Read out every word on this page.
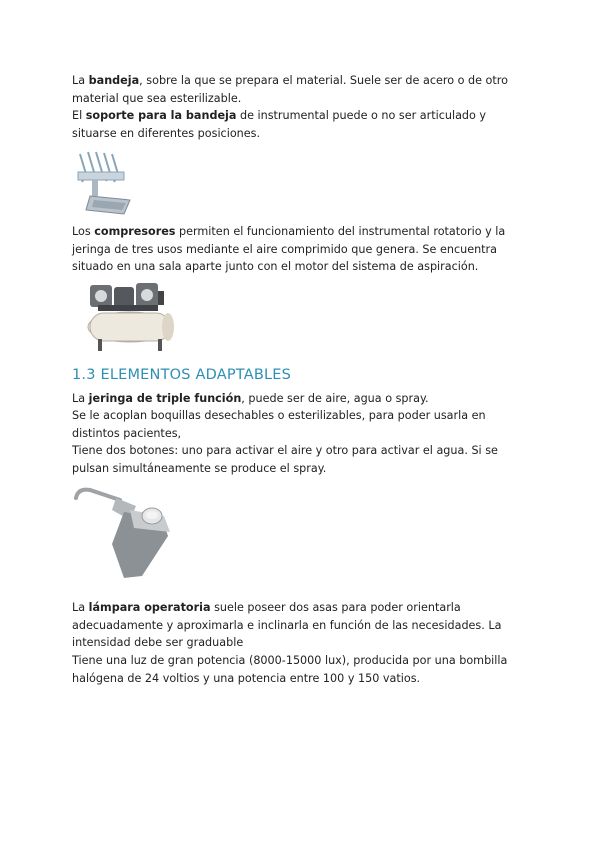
La bandeja, sobre la que se prepara el material. Suele ser de acero o de otro material que sea esterilizable.

El soporte para la bandeja de instrumental puede o no ser articulado y situarse en diferentes posiciones.

Los compresores permiten el funcionamiento del instrumental rotatorio y la jeringa de tres usos mediante el aire comprimido que genera. Se encuentra situado en una sala aparte junto con el motor del sistema de aspiración.

1.3 ELEMENTOS ADAPTABLES

La jeringa de triple función, puede ser de aire, agua o spray.

Se le acoplan boquillas desechables o esterilizables, para poder usarla en distintos pacientes,

Tiene dos botones: uno para activar el aire y otro para activar el agua. Si se pulsan simultáneamente se produce el spray.

La lámpara operatoria suele poseer dos asas para poder orientarla adecuadamente y aproximarla e inclinarla en función de las necesidades. La intensidad debe ser graduable

Tiene una luz de gran potencia (8000-15000 lux), producida por una bombilla halógena de 24 voltios y una potencia entre 100 y 150 vatios.
